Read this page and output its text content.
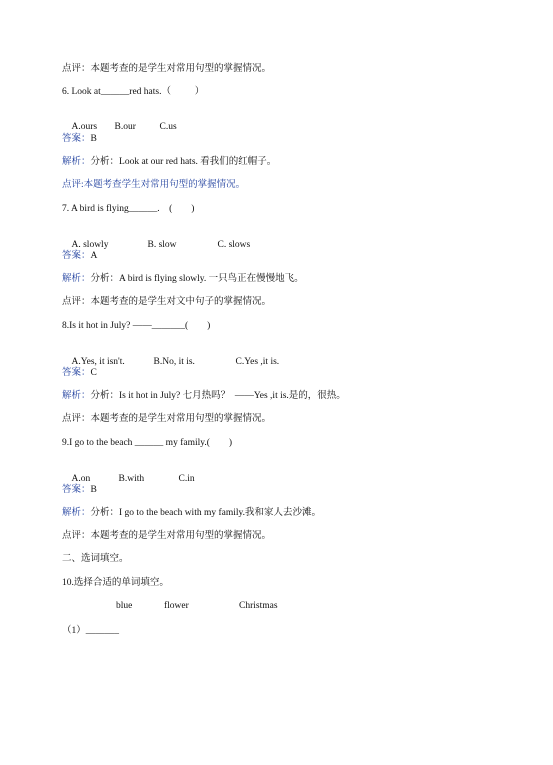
点评：本题考查的是学生对常用句型的掌握情况。
6. Look at______red hats.（          ）

A.ours B.our C.us

答案：B
解析：分析：Look at our red hats. 看我们的红帽子。
点评:本题考查学生对常用句型的掌握情况。
7. A bird is flying______.    (        )

A. slowly	B. slow	C. slows

答案：A
解析：分析：A bird is flying slowly. 一只鸟正在慢慢地飞。
点评：本题考查的是学生对文中句子的掌握情况。
8.Is it hot in July? ——_______(        )

A.Yes, it isn't.	B.No, it is.	C.Yes ,it is.

答案：C
解析：分析：Is it hot in July? 七月热吗？  ——Yes ,it is.是的，很热。
点评：本题考查的是学生对常用句型的掌握情况。
9.I go to the beach ______ my family.(        )

A.on	B.with	C.in

答案：B
解析：分析：I go to the beach with my family.我和家人去沙滩。
点评：本题考查的是学生对常用句型的掌握情况。
二、选词填空。
10.选择合适的单词填空。
blue	flower	Christmas
（1）_______
